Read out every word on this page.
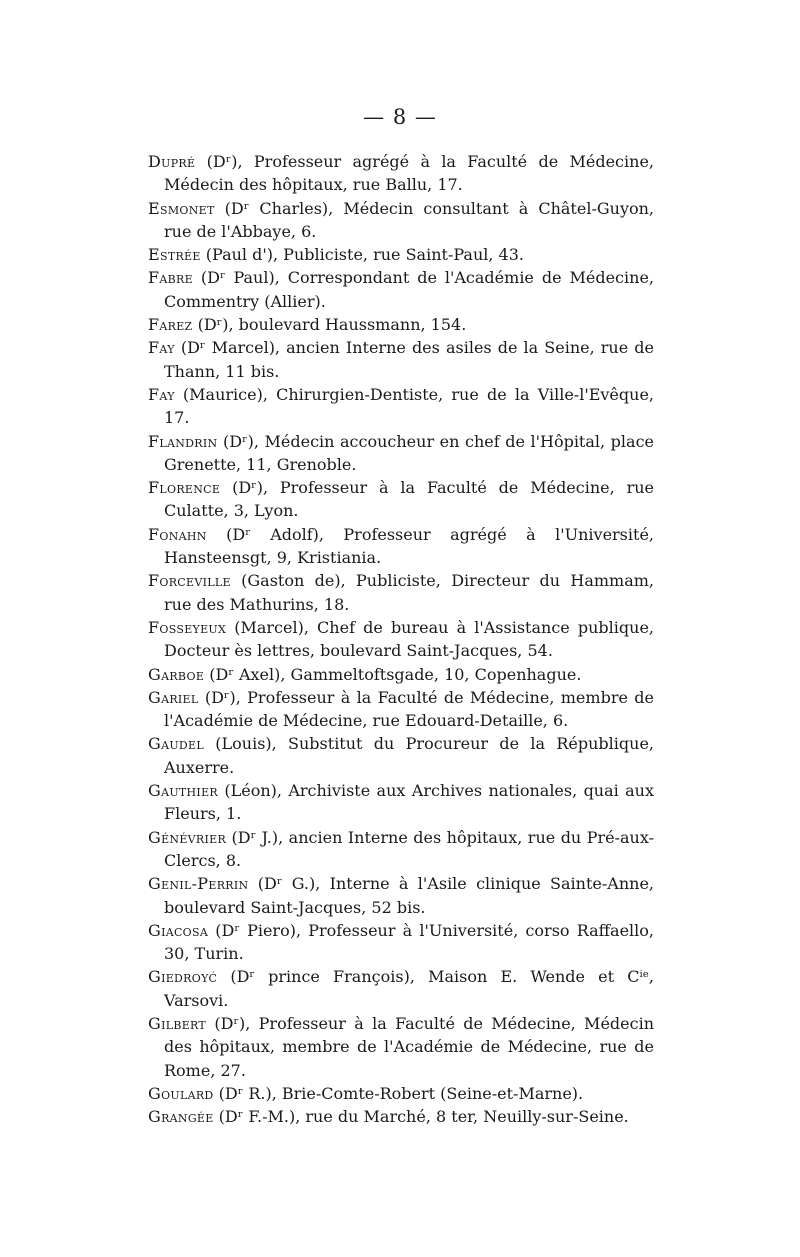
— 8 —

Dupré (Dʳ), Professeur agrégé à la Faculté de Médecine, Médecin des hôpitaux, rue Ballu, 17.

Esmonet (Dʳ Charles), Médecin consultant à Châtel-Guyon, rue de l'Abbaye, 6.

Estrée (Paul d'), Publiciste, rue Saint-Paul, 43.

Fabre (Dʳ Paul), Correspondant de l'Académie de Médecine, Commentry (Allier).

Farez (Dʳ), boulevard Haussmann, 154.

Fay (Dʳ Marcel), ancien Interne des asiles de la Seine, rue de Thann, 11 bis.

Fay (Maurice), Chirurgien-Dentiste, rue de la Ville-l'Evêque, 17.

Flandrin (Dʳ), Médecin accoucheur en chef de l'Hôpital, place Grenette, 11, Grenoble.

Florence (Dʳ), Professeur à la Faculté de Médecine, rue Culatte, 3, Lyon.

Fonahn (Dʳ Adolf), Professeur agrégé à l'Université, Hansteensgt, 9, Kristiania.

Forceville (Gaston de), Publiciste, Directeur du Hammam, rue des Mathurins, 18.

Fosseyeux (Marcel), Chef de bureau à l'Assistance publique, Docteur ès lettres, boulevard Saint-Jacques, 54.

Garboe (Dʳ Axel), Gammeltoftsgade, 10, Copenhague.

Gariel (Dʳ), Professeur à la Faculté de Médecine, membre de l'Académie de Médecine, rue Edouard-Detaille, 6.

Gaudel (Louis), Substitut du Procureur de la République, Auxerre.

Gauthier (Léon), Archiviste aux Archives nationales, quai aux Fleurs, 1.

Génévrier (Dʳ J.), ancien Interne des hôpitaux, rue du Pré-aux-Clercs, 8.

Genil-Perrin (Dʳ G.), Interne à l'Asile clinique Sainte-Anne, boulevard Saint-Jacques, 52 bis.

Giacosa (Dʳ Piero), Professeur à l'Université, corso Raffaello, 30, Turin.

Giedroyć (Dʳ prince François), Maison E. Wende et Cⁱᵉ, Varsovi.

Gilbert (Dʳ), Professeur à la Faculté de Médecine, Médecin des hôpitaux, membre de l'Académie de Médecine, rue de Rome, 27.

Goulard (Dʳ R.), Brie-Comte-Robert (Seine-et-Marne).

Grangée (Dʳ F.-M.), rue du Marché, 8 ter, Neuilly-sur-Seine.
